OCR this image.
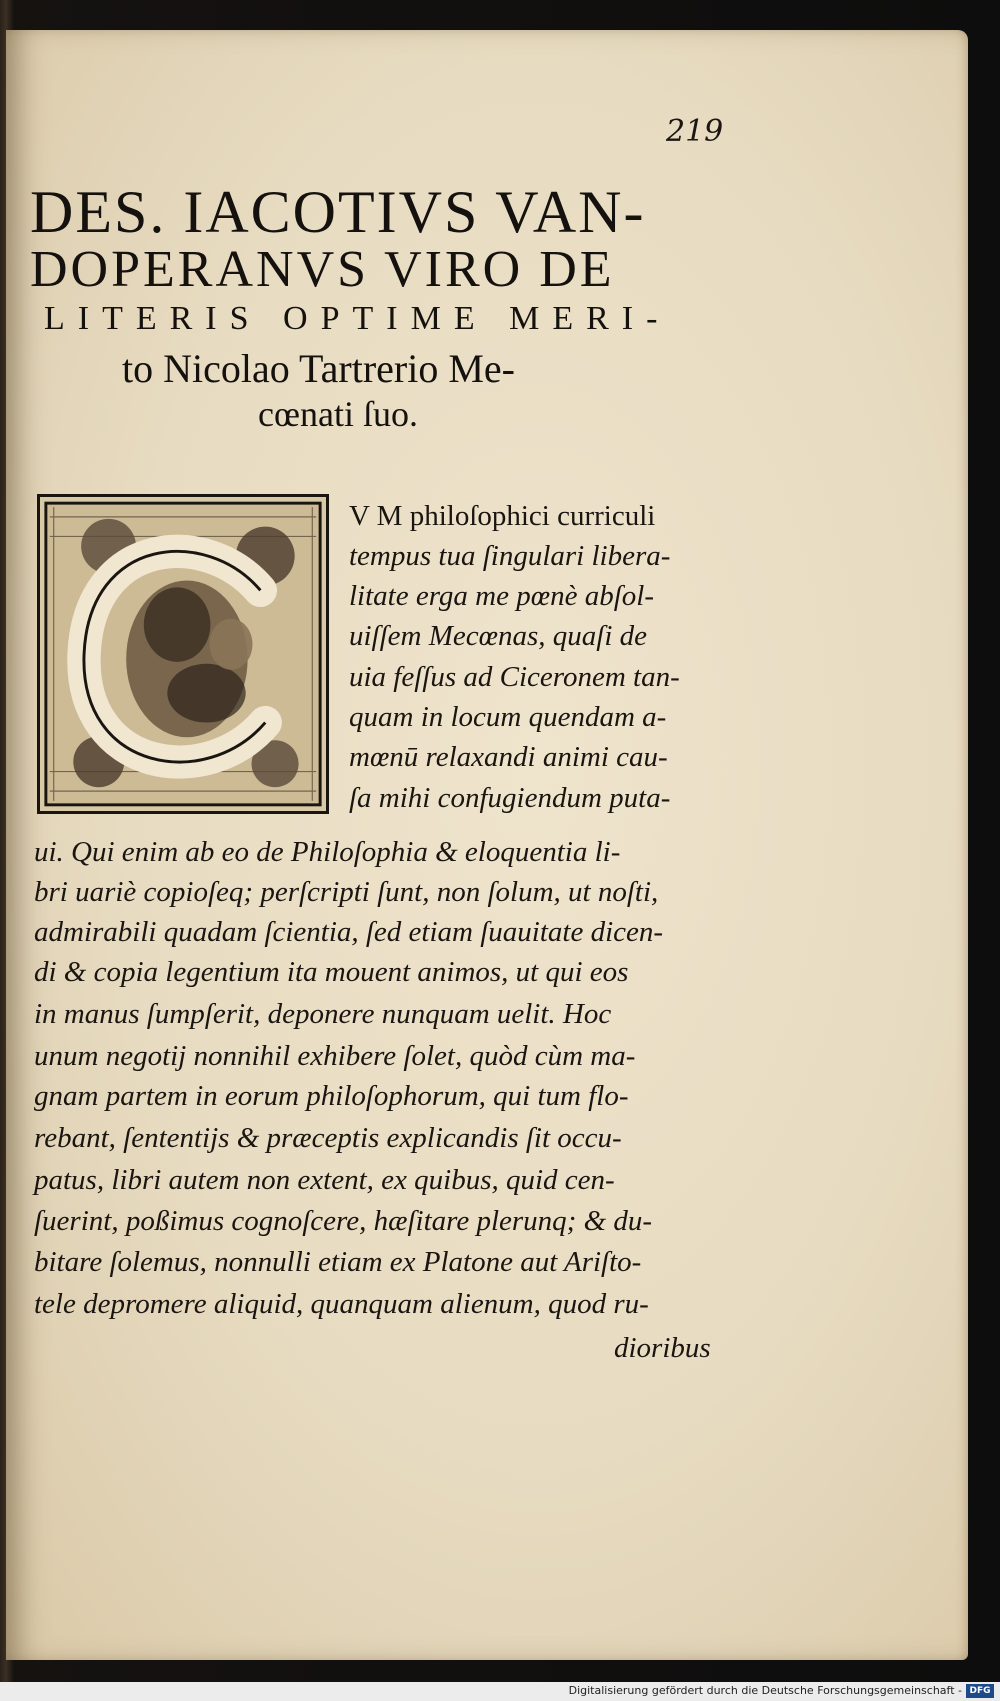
219
DES. IACOTIVS VAN-
DOPERANVS VIRO DE
LITERIS OPTIME MERI-
to Nicolao Tartrerio Me-
cœnati ſuo.
V M philoſophici curriculi
tempus tua ſingulari libera-
litate erga me pœnè abſol-
uiſſem Mecœnas, quaſi de
uia feſſus ad Ciceronem tan-
quam in locum quendam a-
mœnū relaxandi animi cau-
ſa mihi confugiendum puta-
ui. Qui enim ab eo de Philoſophia & eloquentia li-
bri uariè copioſeq; perſcripti ſunt, non ſolum, ut noſti,
admirabili quadam ſcientia, ſed etiam ſuauitate dicen-
di & copia legentium ita mouent animos, ut qui eos
in manus ſumpſerit, deponere nunquam uelit. Hoc
unum negotij nonnihil exhibere ſolet, quòd cùm ma-
gnam partem in eorum philoſophorum, qui tum flo-
rebant, ſententijs & præceptis explicandis ſit occu-
patus, libri autem non extent, ex quibus, quid cen-
ſuerint, poßimus cognoſcere, hæſitare plerunq; & du-
bitare ſolemus, nonnulli etiam ex Platone aut Ariſto-
tele depromere aliquid, quanquam alienum, quod ru-
dioribus
Digitalisierung gefördert durch die Deutsche Forschungsgemeinschaft - DFG
